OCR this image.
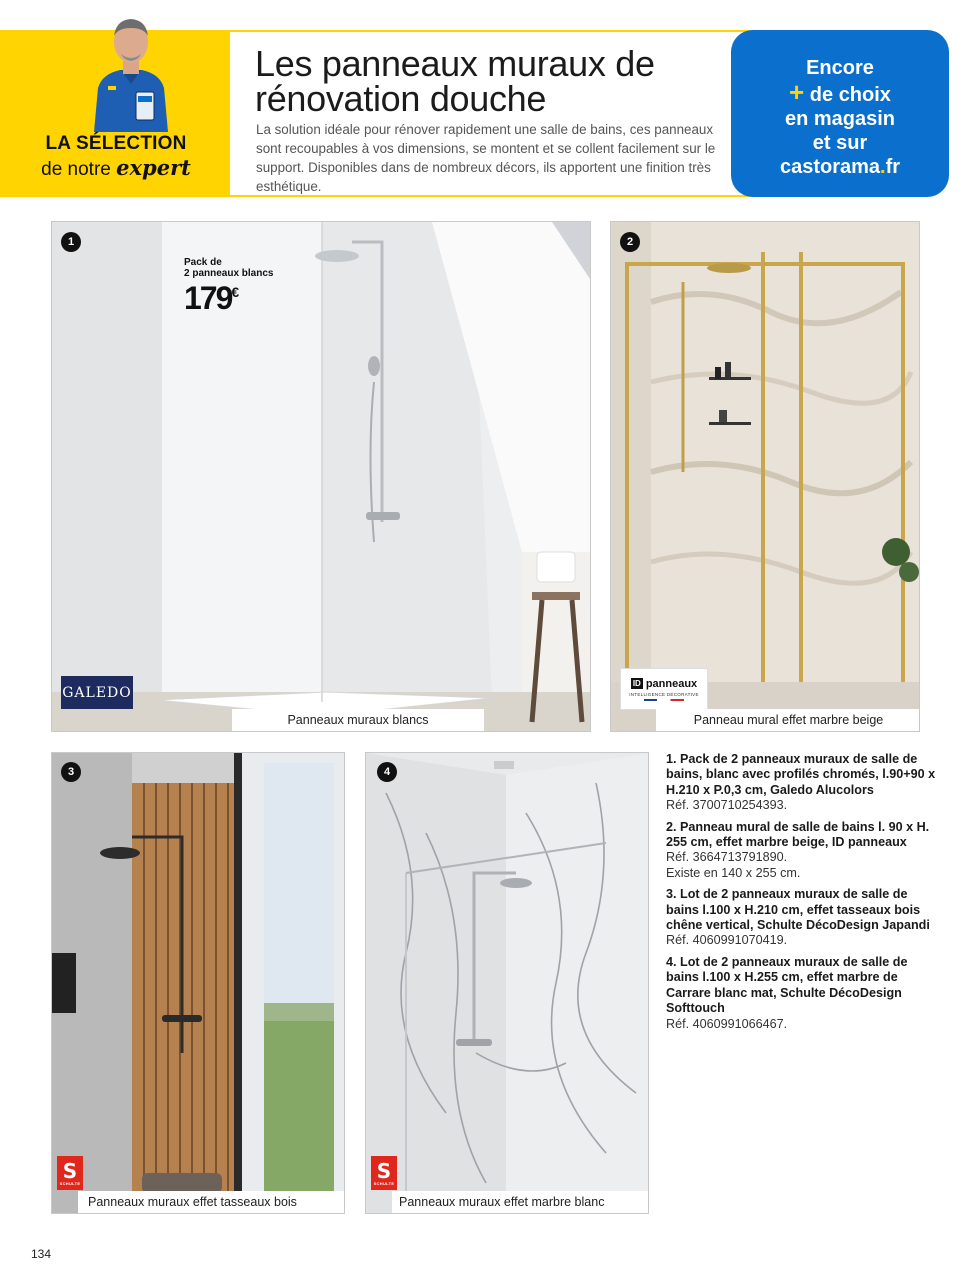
LA SÉLECTION
de notre expert
Les panneaux muraux de
rénovation douche

La solution idéale pour rénover rapidement une salle de bains, ces panneaux sont recoupables à vos dimensions, se montent et se collent facilement sur le support. Disponibles dans de nombreux décors, ils apportent une finition très esthétique.

Encore
+ de choix
en magasin
et sur
castorama.fr
1
Pack de
2 panneaux blancs
179€
GALEDO
Panneaux muraux blancs
2
ID panneaux
INTELLIGENCE DÉCORATIVE
Panneau mural effet marbre beige
3
S
SCHULTE
Panneaux muraux effet tasseaux bois
4
S
SCHULTE
Panneaux muraux effet marbre blanc
1. Pack de 2 panneaux muraux de salle de bains, blanc avec profilés chromés, l.90+90 x H.210 x P.0,3 cm, Galedo Alucolors
Réf. 3700710254393.
2. Panneau mural de salle de bains l. 90 x H. 255 cm, effet marbre beige, ID panneaux
Réf. 3664713791890.
Existe en 140 x 255 cm.
3. Lot de 2 panneaux muraux de salle de bains l.100 x H.210 cm, effet tasseaux bois chêne vertical, Schulte DécoDesign Japandi
Réf. 4060991070419.
4. Lot de 2 panneaux muraux de salle de bains l.100 x H.255 cm, effet marbre de Carrare blanc mat, Schulte DécoDesign Softtouch
Réf. 4060991066467.
134
